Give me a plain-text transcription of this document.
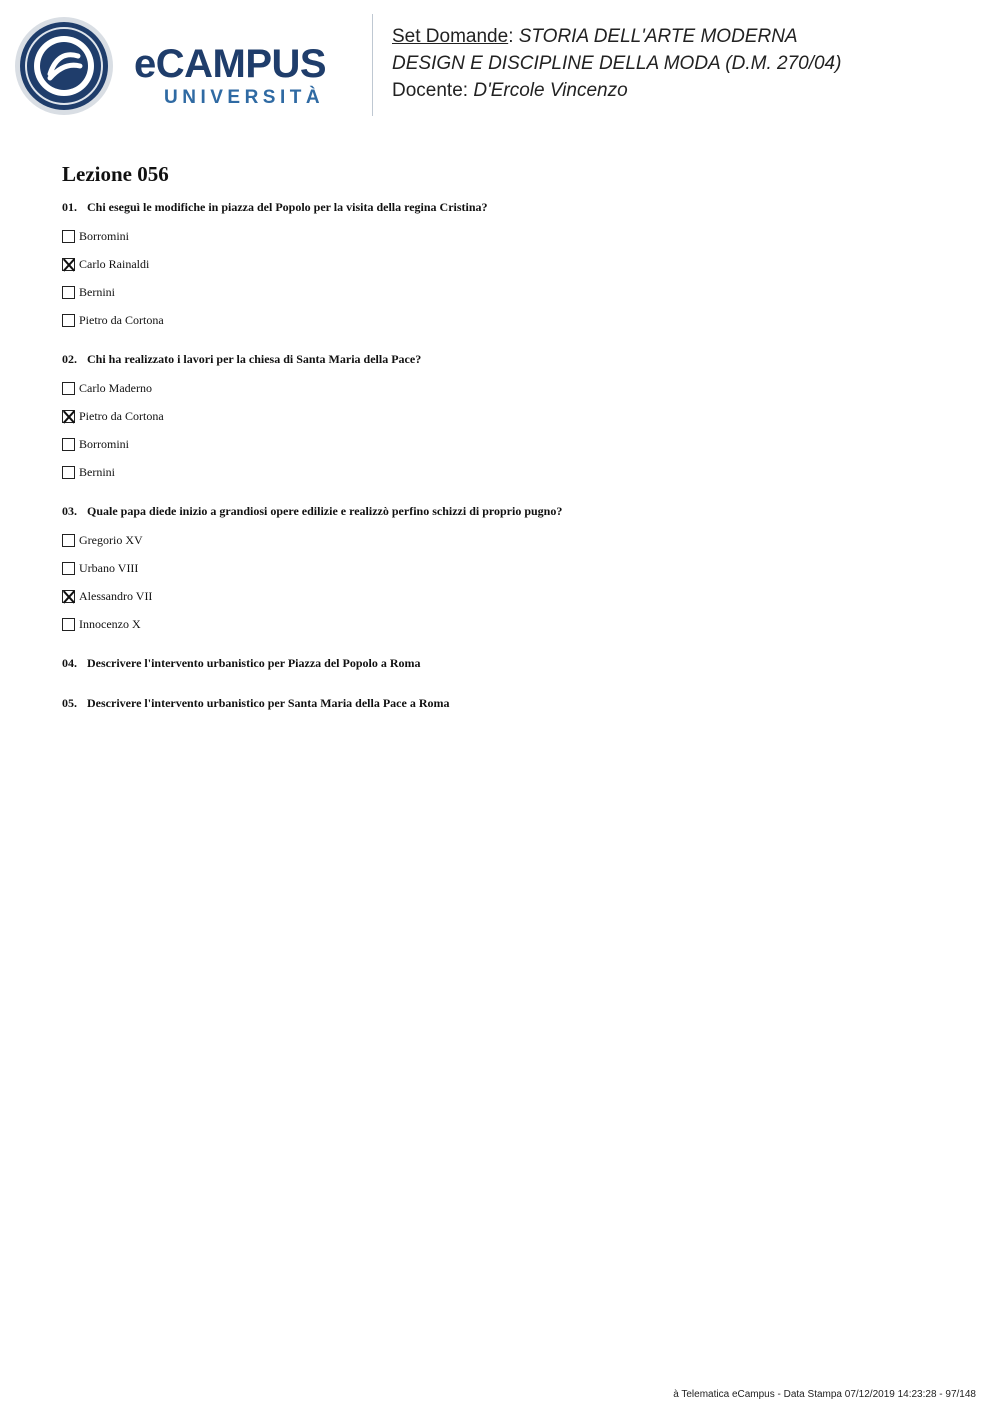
eCAMPUS
UNIVERSITÀ
Set Domande: STORIA DELL'ARTE MODERNA
DESIGN E DISCIPLINE DELLA MODA (D.M. 270/04)
Docente: D'Ercole Vincenzo
Lezione 056
01. Chi eseguì le modifiche in piazza del Popolo per la visita della regina Cristina?
Borromini
Carlo Rainaldi
Bernini
Pietro da Cortona
02. Chi ha realizzato i lavori per la chiesa di Santa Maria della Pace?
Carlo Maderno
Pietro da Cortona
Borromini
Bernini
03. Quale papa diede inizio a grandiosi opere edilizie e realizzò perfino schizzi di proprio pugno?
Gregorio XV
Urbano VIII
Alessandro VII
Innocenzo X
04. Descrivere l'intervento urbanistico per Piazza del Popolo a Roma
05. Descrivere l'intervento urbanistico per Santa Maria della Pace a Roma
à Telematica eCampus - Data Stampa 07/12/2019 14:23:28 - 97/148
